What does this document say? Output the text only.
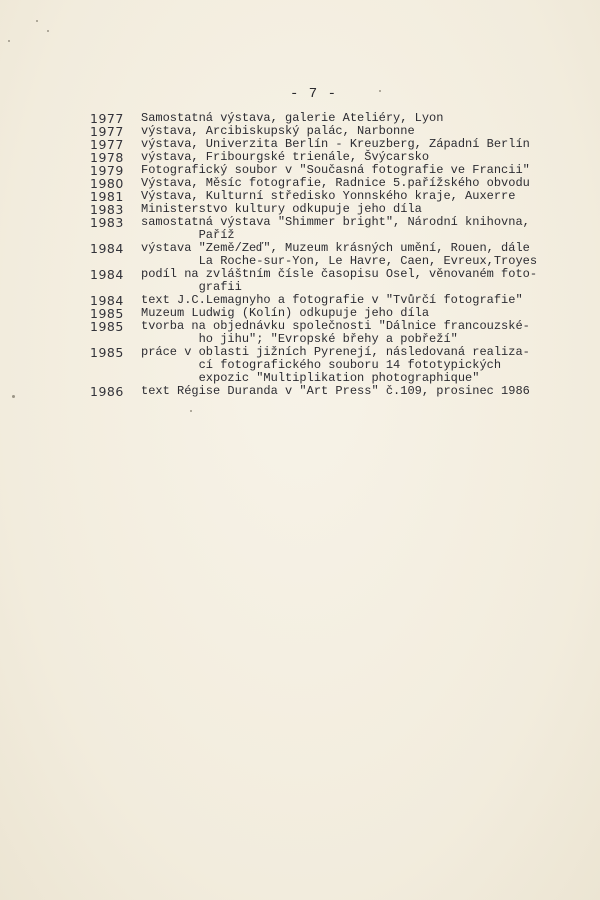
- 7 -
1977	Samostatná výstava, galerie Ateliéry, Lyon
1977	výstava, Arcibiskupský palác, Narbonne
1977	výstava, Univerzita Berlín - Kreuzberg, Západní Berlín
1978	výstava, Fribourgské trienále, Švýcarsko
1979	Fotografický soubor v "Současná fotografie ve Francii"
1980	Výstava, Měsíc fotografie, Radnice 5.pařížského obvodu
1981	Výstava, Kulturní středisko Yonnského kraje, Auxerre
1983	Ministerstvo kultury odkupuje jeho díla
1983	samostatná výstava "Shimmer bright", Národní knihovna,
Paříž
1984	výstava "Země/Zeď", Muzeum krásných umění, Rouen, dále
La Roche-sur-Yon, Le Havre, Caen, Evreux,Troyes
1984	podíl na zvláštním čísle časopisu Osel, věnovaném foto-
grafii
1984	text J.C.Lemagnyho a fotografie v "Tvůrčí fotografie"
1985	Muzeum Ludwig (Kolín) odkupuje jeho díla
1985	tvorba na objednávku společnosti "Dálnice francouzské-
ho jihu"; "Evropské břehy a pobřeží"
1985	práce v oblasti jižních Pyrenejí, následovaná realiza-
cí fotografického souboru 14 fototypických
expozic "Multiplikation photographique"
1986	text Régise Duranda v "Art Press" č.109, prosinec 1986
